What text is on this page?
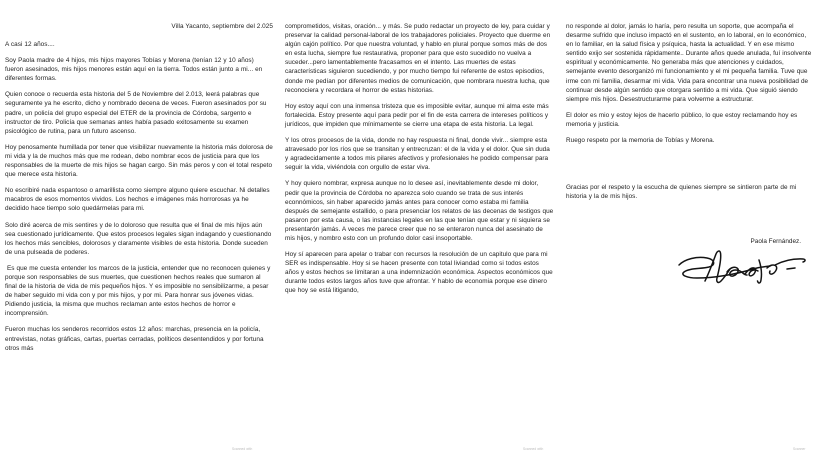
Villa Yacanto, septiembre del 2.025

A casi 12 años....

Soy Paola madre de 4 hijos, mis hijos mayores Tobías y Morena (tenían 12 y 10 años) fueron asesinados, mis hijos menores están aquí en la tierra. Todos están junto a mi... en diferentes formas.

Quien conoce o recuerda esta historia del 5 de Noviembre del 2.013, leerá palabras que seguramente ya he escrito, dicho y nombrado decena de veces. Fueron asesinados por su padre, un policía del grupo especial del ETER de la provincia de Córdoba, sargento e instructor de tiro. Policía que semanas antes había pasado exitosamente su examen psicológico de rutina, para un futuro ascenso.

Hoy penosamente humillada por tener que visibilizar nuevamente la historia más dolorosa de mi vida y la de muchos más que me rodean, debo nombrar ecos de justicia para que los responsables de la muerte de mis hijos se hagan cargo. Sin más peros y con el total respeto que merece esta historia.

No escribiré nada espantoso o amarillista como siempre alguno quiere escuchar. Ni detalles macabros de esos momentos vividos. Los hechos e imágenes más horrorosas ya he decidido hace tiempo solo quedármelas para mi.

Solo diré acerca de mis sentires y de lo doloroso que resulta que el final de mis hijos aún sea cuestionado jurídicamente. Que estos procesos legales sigan indagando y cuestionando los hechos más sencibles, dolorosos y claramente visibles de esta historia. Donde suceden de una pulseada de poderes.

Es que me cuesta entender los marcos de la justicia, entender que no reconocen quienes y porque son responsables de sus muertes, que cuestionen hechos reales que sumaron al final de la historia de vida de mis pequeños hijos. Y es imposible no sensibilizarme, a pesar de haber seguido mi vida con y por mis hijos, y por mi. Para honrar sus jóvenes vidas. Pidiendo justicia, la misma que muchos reclaman ante estos hechos de horror e incomprensión.

Fueron muchas los senderos recorridos estos 12 años: marchas, presencia en la policía, entrevistas, notas gráficas, cartas, puertas cerradas, políticos desentendidos y por fortuna otros más

comprometidos, visitas, oración... y más. Se pudo redactar un proyecto de ley, para cuidar y preservar la calidad personal-laboral de los trabajadores policiales. Proyecto que duerme en algún cajón político. Por que nuestra voluntad, y hablo en plural porque somos más de dos en esta lucha, siempre fue restaurativa, proponer para que esto sucedido no vuelva a suceder...pero lamentablemente fracasamos en el intento. Las muertes de estas características siguieron sucediendo, y por mucho tiempo fui referente de estos episodios, donde me pedían por diferentes medios de comunicación, que nombrara nuestra lucha, que reconociera y recordara el horror de estas historias.

Hoy estoy aquí con una inmensa tristeza que es imposible evitar, aunque mi alma este más fortalecida. Estoy presente aquí para pedir por el fin de esta carrera de intereses políticos y jurídicos, que impiden que mínimamente se cierre una etapa de esta historia. La legal.

Y los otros procesos de la vida, donde no hay respuesta ni final, donde vivir... siempre esta atravesado por los ríos que se transitan y entrecruzan: el de la vida y el dolor. Que sin duda y agradecidamente a todos mis pilares afectivos y profesionales he podido compensar para seguir la vida, viviéndola con orgullo de estar viva.

Y hoy quiero nombrar, expresa aunque no lo desee así, inevitablemente desde mi dolor, pedir que la provincia de Córdoba no aparezca solo cuando se trata de sus interés econnómicos, sin haber aparecido jamás antes para conocer como estaba mi familia después de semejante estallido, o para presenciar los relatos de las decenas de testigos que pasaron por esta causa, o las instancias legales en las que tenían que estar y ni siquiera se presentarón jamás. A veces me parece creer que no se enteraron nunca del asesinato de mis hijos, y nombro esto con un profundo dolor casi insoportable.

Hoy sí aparecen para apelar o trabar con recursos la resolución de un capitulo que para mi SER es indispensable. Hoy si se hacen presente con total liviandad como si todos estos años y estos hechos se limitaran a una indemnización económica. Aspectos económicos que durante todos estos largos años tuve que afrontar. Y hablo de economia porque ese dinero que hoy se está litigando,

no responde al dolor, jamás lo haría, pero resulta un soporte, que acompaña el desarme sufrido que incluso impactó en el sustento, en lo laboral, en lo económico, en lo familiar, en la salud física y psíquica, hasta la actualidad. Y en ese mismo sentido exijo ser sostenida rápidamente.. Durante años quede anulada, fuí insolvente espiritual y económicamente. No generaba más que atenciones y cuidados, semejante evento desorganizó mi funcionamiento y el mi pequeña familia. Tuve que irme con mi familia, desarmar mi vida. Vida para encontrar una nueva posibilidad de continuar desde algún sentido que otorgara sentido a mi vida. Que siguió siendo siempre mis hijos. Desestructurarme para volverme a estructurar.

El dolor es mio y estoy lejos de hacerlo público, lo que estoy reclamando hoy es memoria y justicia.

Ruego respeto por la memoria de Tobías y Morena.

Gracias por el respeto y la escucha de quienes siempre se sintieron parte de mi historia y la de mis hijos.

Paola Fernández.
Scanned with	Scanned with	Scanner
